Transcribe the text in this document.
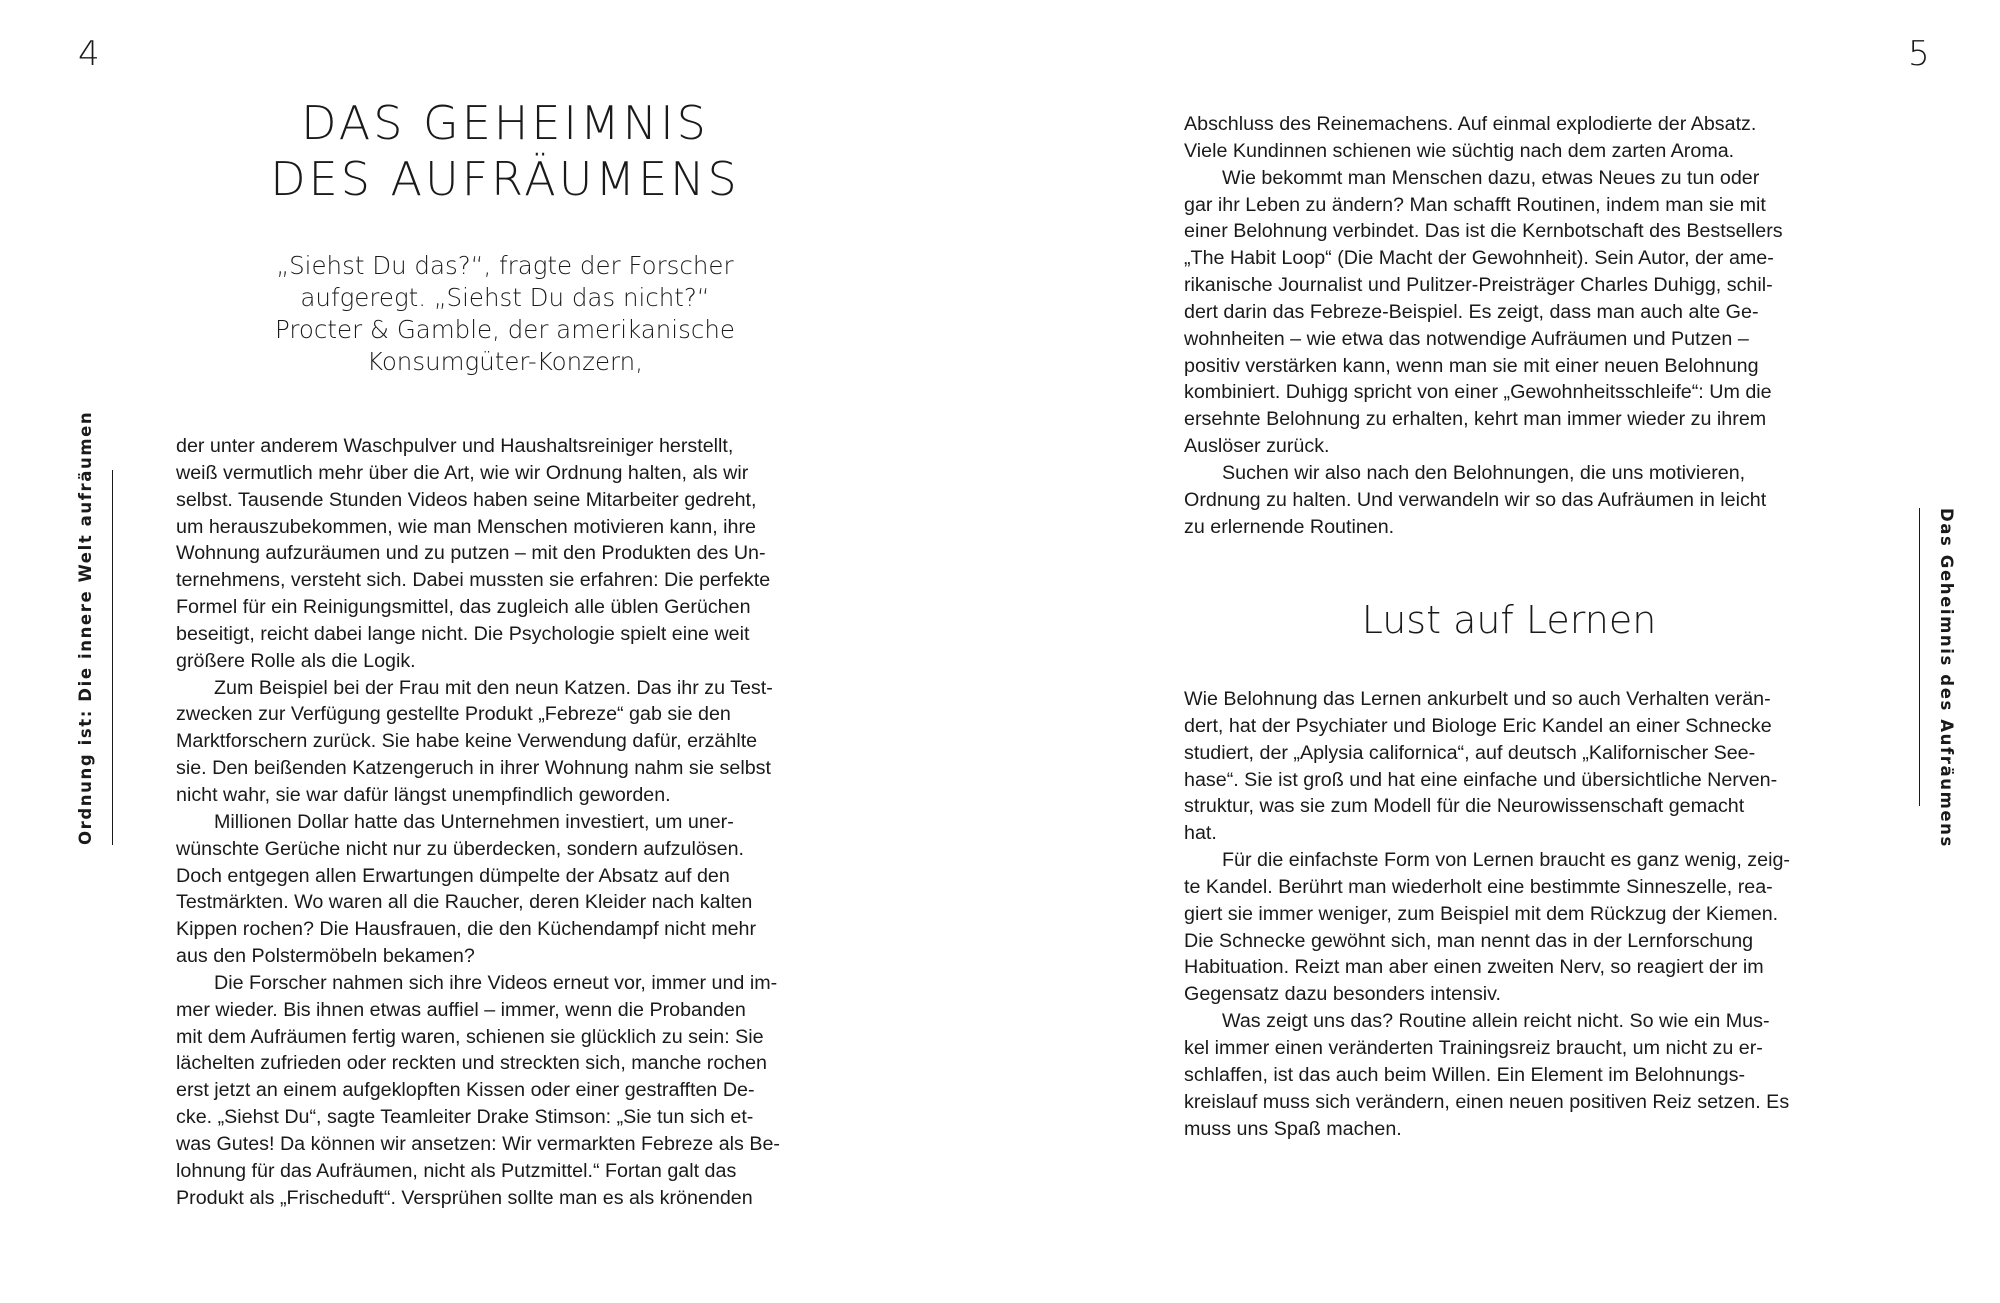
4	5
Ordnung ist: Die innere Welt aufräumen	Das Geheimnis des Aufräumens
DAS GEHEIMNIS
DES AUFRÄUMENS
„Siehst Du das?“, fragte der Forscher
aufgeregt. „Siehst Du das nicht?“
Procter & Gamble, der amerikanische
Konsumgüter-Konzern,
der unter anderem Waschpulver und Haushaltsreiniger herstellt,
weiß vermutlich mehr über die Art, wie wir Ordnung halten, als wir
selbst. Tausende Stunden Videos haben seine Mitarbeiter gedreht,
um herauszubekommen, wie man Menschen motivieren kann, ihre
Wohnung aufzuräumen und zu putzen – mit den Produkten des Un-
ternehmens, versteht sich. Dabei mussten sie erfahren: Die perfekte
Formel für ein Reinigungsmittel, das zugleich alle üblen Gerüchen
beseitigt, reicht dabei lange nicht. Die Psychologie spielt eine weit
größere Rolle als die Logik.
Zum Beispiel bei der Frau mit den neun Katzen. Das ihr zu Test-
zwecken zur Verfügung gestellte Produkt „Febreze“ gab sie den
Marktforschern zurück. Sie habe keine Verwendung dafür, erzählte
sie. Den beißenden Katzengeruch in ihrer Wohnung nahm sie selbst
nicht wahr, sie war dafür längst unempfindlich geworden.
Millionen Dollar hatte das Unternehmen investiert, um uner-
wünschte Gerüche nicht nur zu überdecken, sondern aufzulösen.
Doch entgegen allen Erwartungen dümpelte der Absatz auf den
Testmärkten. Wo waren all die Raucher, deren Kleider nach kalten
Kippen rochen? Die Hausfrauen, die den Küchendampf nicht mehr
aus den Polstermöbeln bekamen?
Die Forscher nahmen sich ihre Videos erneut vor, immer und im-
mer wieder. Bis ihnen etwas auffiel – immer, wenn die Probanden
mit dem Aufräumen fertig waren, schienen sie glücklich zu sein: Sie
lächelten zufrieden oder reckten und streckten sich, manche rochen
erst jetzt an einem aufgeklopften Kissen oder einer gestrafften De-
cke. „Siehst Du“, sagte Teamleiter Drake Stimson: „Sie tun sich et-
was Gutes! Da können wir ansetzen: Wir vermarkten Febreze als Be-
lohnung für das Aufräumen, nicht als Putzmittel.“ Fortan galt das
Produkt als „Frischeduft“. Versprühen sollte man es als krönenden
Abschluss des Reinemachens. Auf einmal explodierte der Absatz.
Viele Kundinnen schienen wie süchtig nach dem zarten Aroma.
Wie bekommt man Menschen dazu, etwas Neues zu tun oder
gar ihr Leben zu ändern? Man schafft Routinen, indem man sie mit
einer Belohnung verbindet. Das ist die Kernbotschaft des Bestsellers
„The Habit Loop“ (Die Macht der Gewohnheit). Sein Autor, der ame-
rikanische Journalist und Pulitzer-Preisträger Charles Duhigg, schil-
dert darin das Febreze-Beispiel. Es zeigt, dass man auch alte Ge-
wohnheiten – wie etwa das notwendige Aufräumen und Putzen –
positiv verstärken kann, wenn man sie mit einer neuen Belohnung
kombiniert. Duhigg spricht von einer „Gewohnheitsschleife“: Um die
ersehnte Belohnung zu erhalten, kehrt man immer wieder zu ihrem
Auslöser zurück.
Suchen wir also nach den Belohnungen, die uns motivieren,
Ordnung zu halten. Und verwandeln wir so das Aufräumen in leicht
zu erlernende Routinen.
Lust auf Lernen
Wie Belohnung das Lernen ankurbelt und so auch Verhalten verän-
dert, hat der Psychiater und Biologe Eric Kandel an einer Schnecke
studiert, der „Aplysia californica“, auf deutsch „Kalifornischer See-
hase“. Sie ist groß und hat eine einfache und übersichtliche Nerven-
struktur, was sie zum Modell für die Neurowissenschaft gemacht
hat.
Für die einfachste Form von Lernen braucht es ganz wenig, zeig-
te Kandel. Berührt man wiederholt eine bestimmte Sinneszelle, rea-
giert sie immer weniger, zum Beispiel mit dem Rückzug der Kiemen.
Die Schnecke gewöhnt sich, man nennt das in der Lernforschung
Habituation. Reizt man aber einen zweiten Nerv, so reagiert der im
Gegensatz dazu besonders intensiv.
Was zeigt uns das? Routine allein reicht nicht. So wie ein Mus-
kel immer einen veränderten Trainingsreiz braucht, um nicht zu er-
schlaffen, ist das auch beim Willen. Ein Element im Belohnungs-
kreislauf muss sich verändern, einen neuen positiven Reiz setzen. Es
muss uns Spaß machen.
